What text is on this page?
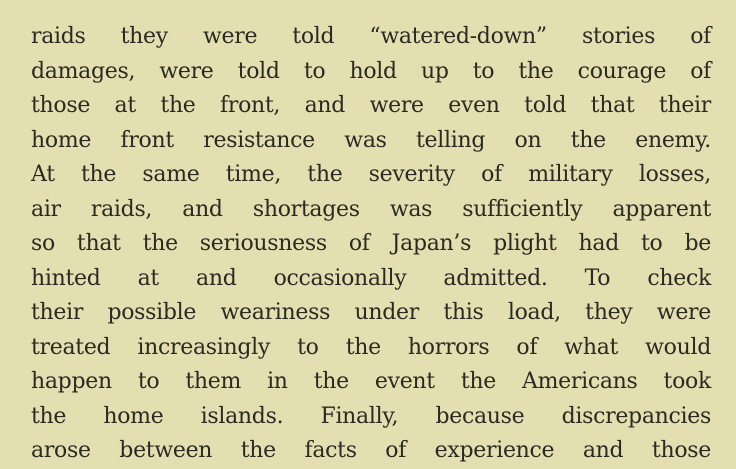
raids they were told “watered-down” stories of
damages, were told to hold up to the courage of
those at the front, and were even told that their
home front resistance was telling on the enemy.
At the same time, the severity of military losses,
air raids, and shortages was sufficiently apparent
so that the seriousness of Japan’s plight had to be
hinted at and occasionally admitted. To check
their possible weariness under this load, they were
treated increasingly to the horrors of what would
happen to them in the event the Americans took
the home islands. Finally, because discrepancies
arose between the facts of experience and those
